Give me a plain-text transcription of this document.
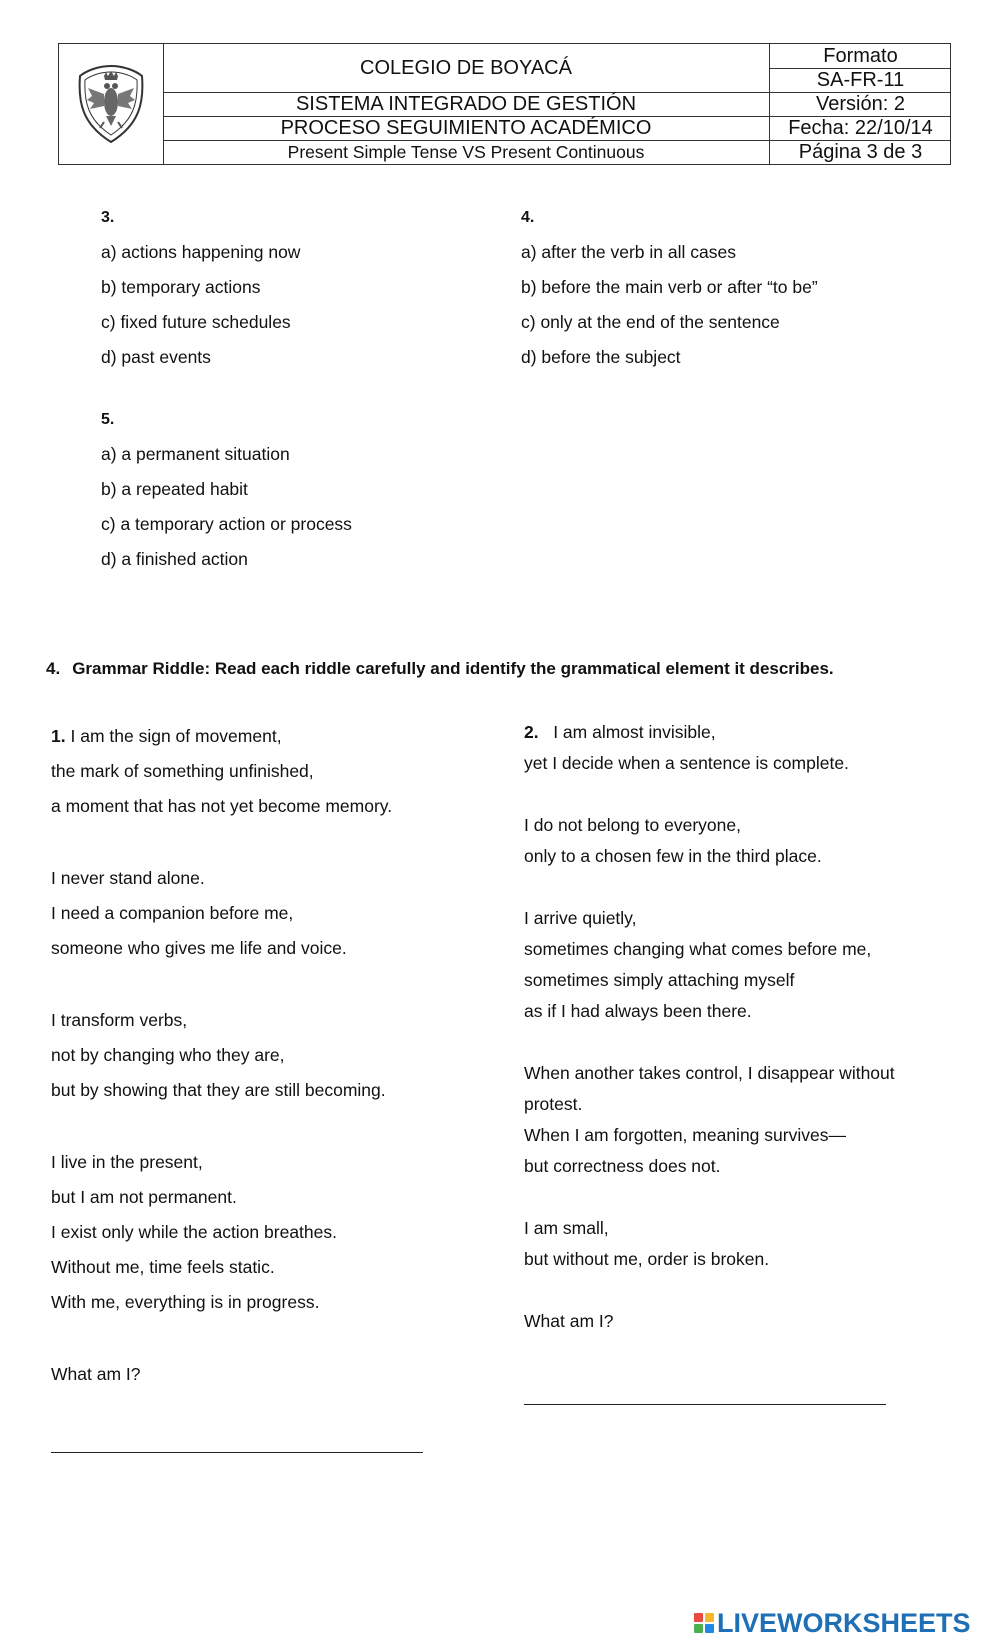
COLEGIO DE BOYACÁ
SISTEMA INTEGRADO DE GESTIÓN
PROCESO SEGUIMIENTO ACADÉMICO
Present Simple Tense VS Present Continuous
Formato
SA-FR-11
Versión: 2
Fecha: 22/10/14
Página 3 de 3
3.
a) actions happening now
b) temporary actions
c) fixed future schedules
d) past events
4.
a) after the verb in all cases
b) before the main verb or after “to be”
c) only at the end of the sentence
d) before the subject
5.
a) a permanent situation
b) a repeated habit
c) a temporary action or process
d) a finished action
4. Grammar Riddle: Read each riddle carefully and identify the grammatical element it describes.
1. I am the sign of movement,
the mark of something unfinished,
a moment that has not yet become memory.
I never stand alone.
I need a companion before me,
someone who gives me life and voice.
I transform verbs,
not by changing who they are,
but by showing that they are still becoming.
I live in the present,
but I am not permanent.
I exist only while the action breathes.
Without me, time feels static.
With me, everything is in progress.
What am I?
2. I am almost invisible,
yet I decide when a sentence is complete.
I do not belong to everyone,
only to a chosen few in the third place.
I arrive quietly,
sometimes changing what comes before me,
sometimes simply attaching myself
as if I had always been there.
When another takes control, I disappear without
protest.
When I am forgotten, meaning survives—
but correctness does not.
I am small,
but without me, order is broken.
What am I?
LIVEWORKSHEETS
